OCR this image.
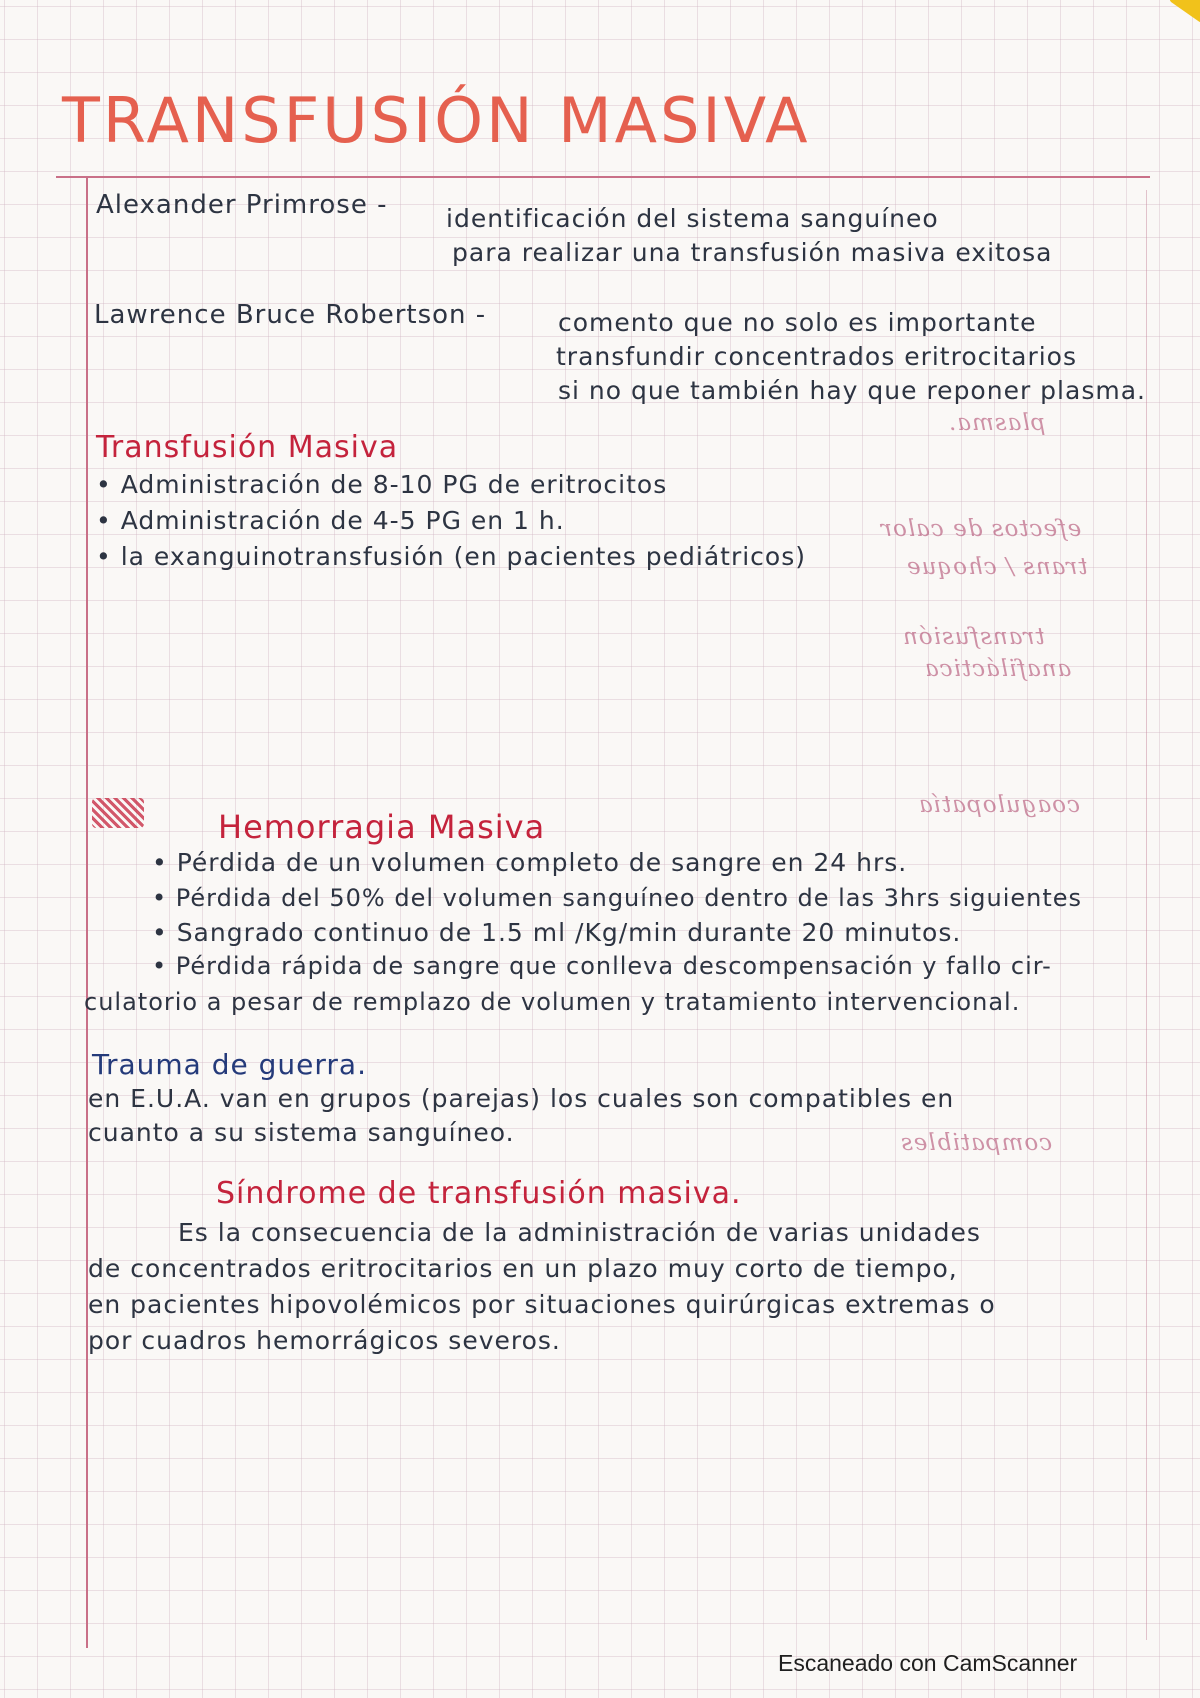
plasma.
efectos de calor
trans / choque
transfusión
anafiláctica
coagulopatía
compatibles
TRANSFUSIÓN MASIVA
Alexander Primrose - identificación del sistema sanguíneo
para realizar una transfusión masiva exitosa
Lawrence Bruce Robertson -	comento que no solo es importante
transfundir concentrados eritrocitarios
si no que también hay que reponer plasma.
Transfusión Masiva
• Administración de 8-10 PG de eritrocitos
• Administración de 4-5 PG en 1 h.
• la exanguinotransfusión (en pacientes pediátricos)
Hemorragia Masiva
• Pérdida de un volumen completo de sangre en 24 hrs.
• Pérdida del 50% del volumen sanguíneo dentro de las 3hrs siguientes
• Sangrado continuo de 1.5 ml /Kg/min durante 20 minutos.
• Pérdida rápida de sangre que conlleva descompensación y fallo cir-
culatorio a pesar de remplazo de volumen y tratamiento intervencional.
Trauma de guerra.
en E.U.A. van en grupos (parejas) los cuales son compatibles en
cuanto a su sistema sanguíneo.
Síndrome de transfusión masiva.
Es la consecuencia de la administración de varias unidades
de concentrados eritrocitarios en un plazo muy corto de tiempo,
en pacientes hipovolémicos por situaciones quirúrgicas extremas o
por cuadros hemorrágicos severos.
Escaneado con CamScanner
